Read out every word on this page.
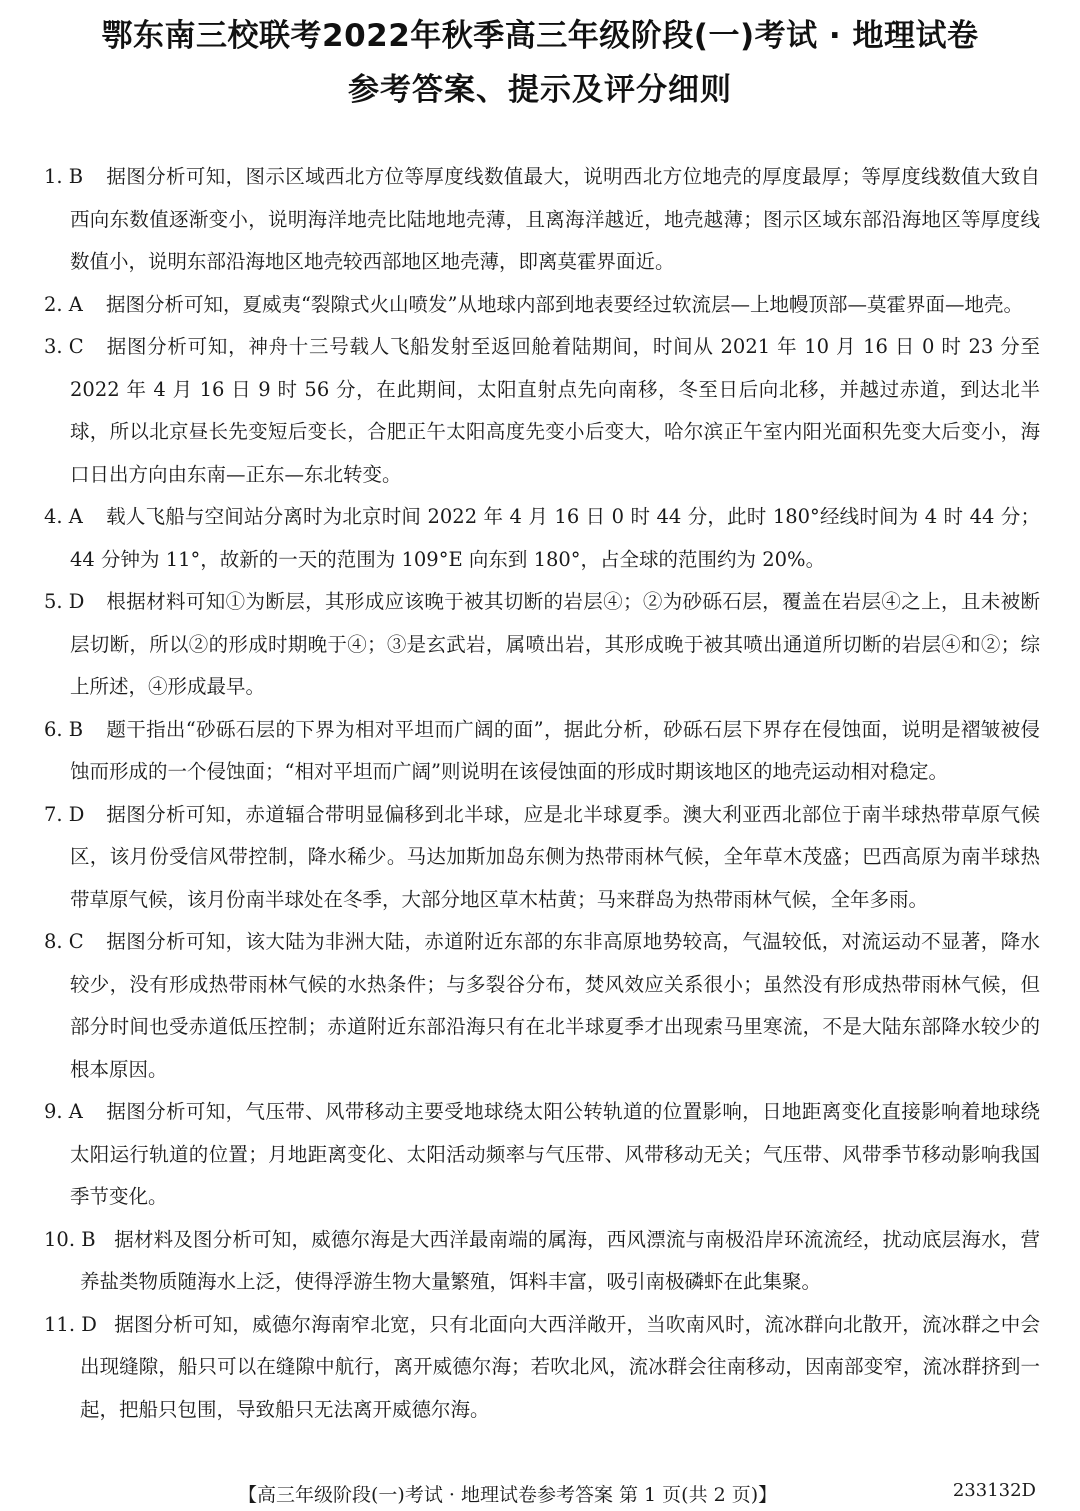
鄂东南三校联考2022年秋季高三年级阶段(一)考试 · 地理试卷
参考答案、提示及评分细则
1. B	据图分析可知，图示区域西北方位等厚度线数值最大，说明西北方位地壳的厚度最厚；等厚度线数值大致自西向东数值逐渐变小，说明海洋地壳比陆地地壳薄，且离海洋越近，地壳越薄；图示区域东部沿海地区等厚度线数值小，说明东部沿海地区地壳较西部地区地壳薄，即离莫霍界面近。
2. A	据图分析可知，夏威夷“裂隙式火山喷发”从地球内部到地表要经过软流层—上地幔顶部—莫霍界面—地壳。
3. C	据图分析可知，神舟十三号载人飞船发射至返回舱着陆期间，时间从 2021 年 10 月 16 日 0 时 23 分至 2022 年 4 月 16 日 9 时 56 分，在此期间，太阳直射点先向南移，冬至日后向北移，并越过赤道，到达北半球，所以北京昼长先变短后变长，合肥正午太阳高度先变小后变大，哈尔滨正午室内阳光面积先变大后变小，海口日出方向由东南—正东—东北转变。
4. A	载人飞船与空间站分离时为北京时间 2022 年 4 月 16 日 0 时 44 分，此时 180°经线时间为 4 时 44 分；44 分钟为 11°，故新的一天的范围为 109°E 向东到 180°，占全球的范围约为 20%。
5. D	根据材料可知①为断层，其形成应该晚于被其切断的岩层④；②为砂砾石层，覆盖在岩层④之上，且未被断层切断，所以②的形成时期晚于④；③是玄武岩，属喷出岩，其形成晚于被其喷出通道所切断的岩层④和②；综上所述，④形成最早。
6. B	题干指出“砂砾石层的下界为相对平坦而广阔的面”，据此分析，砂砾石层下界存在侵蚀面，说明是褶皱被侵蚀而形成的一个侵蚀面；“相对平坦而广阔”则说明在该侵蚀面的形成时期该地区的地壳运动相对稳定。
7. D	据图分析可知，赤道辐合带明显偏移到北半球，应是北半球夏季。澳大利亚西北部位于南半球热带草原气候区，该月份受信风带控制，降水稀少。马达加斯加岛东侧为热带雨林气候，全年草木茂盛；巴西高原为南半球热带草原气候，该月份南半球处在冬季，大部分地区草木枯黄；马来群岛为热带雨林气候，全年多雨。
8. C	据图分析可知，该大陆为非洲大陆，赤道附近东部的东非高原地势较高，气温较低，对流运动不显著，降水较少，没有形成热带雨林气候的水热条件；与多裂谷分布，焚风效应关系很小；虽然没有形成热带雨林气候，但部分时间也受赤道低压控制；赤道附近东部沿海只有在北半球夏季才出现索马里寒流，不是大陆东部降水较少的根本原因。
9. A	据图分析可知，气压带、风带移动主要受地球绕太阳公转轨道的位置影响，日地距离变化直接影响着地球绕太阳运行轨道的位置；月地距离变化、太阳活动频率与气压带、风带移动无关；气压带、风带季节移动影响我国季节变化。
10. B 据材料及图分析可知，威德尔海是大西洋最南端的属海，西风漂流与南极沿岸环流流经，扰动底层海水，营养盐类物质随海水上泛，使得浮游生物大量繁殖，饵料丰富，吸引南极磷虾在此集聚。
11. D 据图分析可知，威德尔海南窄北宽，只有北面向大西洋敞开，当吹南风时，流冰群向北散开，流冰群之中会出现缝隙，船只可以在缝隙中航行，离开威德尔海；若吹北风，流冰群会往南移动，因南部变窄，流冰群挤到一起，把船只包围，导致船只无法离开威德尔海。
【高三年级阶段(一)考试 · 地理试卷参考答案 第 1 页(共 2 页)】	233132D
